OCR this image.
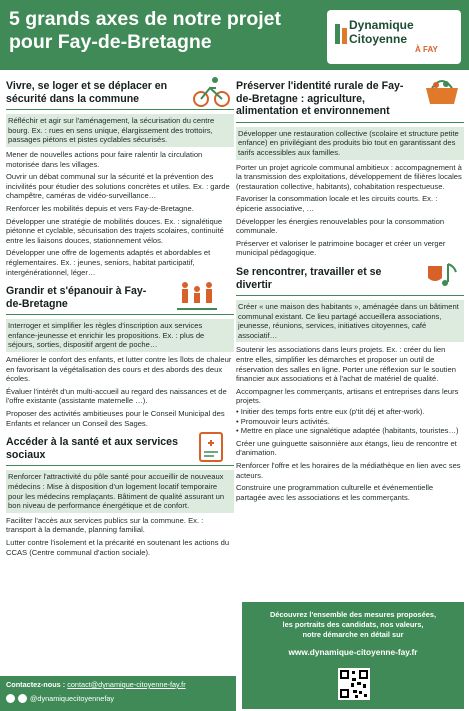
5 grands axes de notre projet
pour Fay-de-Bretagne
Dynamique
Citoyenne
À FAY
Vivre, se loger et se déplacer en sécurité dans la commune
Réfléchir et agir sur l'aménagement, la sécurisation du centre bourg. Ex. : rues en sens unique, élargissement des trottoirs, passages piétons et pistes cyclables sécurisés.
Mener de nouvelles actions pour faire ralentir la circulation motorisée dans les villages.
Ouvrir un débat communal sur la sécurité et la prévention des incivilités pour étudier des solutions concrètes et utiles. Ex. : garde champêtre, caméras de vidéo-surveillance…
Renforcer les mobilités depuis et vers Fay-de-Bretagne.
Développer une stratégie de mobilités douces. Ex. : signalétique piétonne et cyclable, sécurisation des trajets scolaires, continuité entre les liaisons douces, stationnement vélos.
Développer une offre de logements adaptés et abordables et réglementaires. Ex. : jeunes, seniors, habitat participatif, intergénérationnel, léger…
Grandir et s'épanouir à Fay-de-Bretagne
Interroger et simplifier les règles d'inscription aux services enfance-jeunesse et enrichir les propositions. Ex. : plus de séjours, sorties, dispositif argent de poche…
Améliorer le confort des enfants, et lutter contre les îlots de chaleur en favorisant la végétalisation des cours et des abords des deux écoles.
Évaluer l'intérêt d'un multi-accueil au regard des naissances et de l'offre existante (assistante maternelle …).
Proposer des activités ambitieuses pour le Conseil Municipal des Enfants et relancer un Conseil des Sages.
Accéder à la santé et aux services sociaux
Renforcer l'attractivité du pôle santé pour accueillir de nouveaux médecins : Mise à disposition d'un logement locatif temporaire pour les médecins remplaçants. Bâtiment de qualité assurant un bon niveau de performance énergétique et de confort.
Faciliter l'accès aux services publics sur la commune. Ex. : transport à la demande, planning familial.
Lutter contre l'isolement et la précarité en soutenant les actions du CCAS (Centre communal d'action sociale).
Préserver l'identité rurale de Fay-de-Bretagne : agriculture, alimentation et environnement
Développer une restauration collective (scolaire et structure petite enfance) en privilégiant des produits bio tout en garantissant des tarifs accessibles aux familles.
Porter un projet agricole communal ambitieux : accompagnement à la transmission des exploitations, développement de filières locales (restauration collective, habitants), cohabitation respectueuse.
Favoriser la consommation locale et les circuits courts. Ex. : épicerie associative, …
Développer les énergies renouvelables pour la consommation communale.
Préserver et valoriser le patrimoine bocager et créer un verger municipal pédagogique.
Se rencontrer, travailler et se divertir
Créer « une maison des habitants », aménagée dans un bâtiment communal existant. Ce lieu partagé accueillera associations, jeunesse, réunions, services, initiatives citoyennes, café associatif…
Soutenir les associations dans leurs projets. Ex. : créer du lien entre elles, simplifier les démarches et proposer un outil de réservation des salles en ligne. Porter une réflexion sur le soutien financier aux associations et à l'achat de matériel de qualité.
Accompagner les commerçants, artisans et entreprises dans leurs projets.
• Initier des temps forts entre eux (p'tit déj et after-work).
• Promouvoir leurs activités.
• Mettre en place une signalétique adaptée (habitants, touristes…)
Créer une guinguette saisonnière aux étangs, lieu de rencontre et d'animation.
Renforcer l'offre et les horaires de la médiathèque en lien avec ses acteurs.
Construire une programmation culturelle et événementielle partagée avec les associations et les commerçants.
Découvrez l'ensemble des mesures proposées,
les portraits des candidats, nos valeurs,
notre démarche en détail sur
www.dynamique-citoyenne-fay.fr
Contactez-nous : contact@dynamique-citoyenne-fay.fr
@dynamiquecitoyennefay
